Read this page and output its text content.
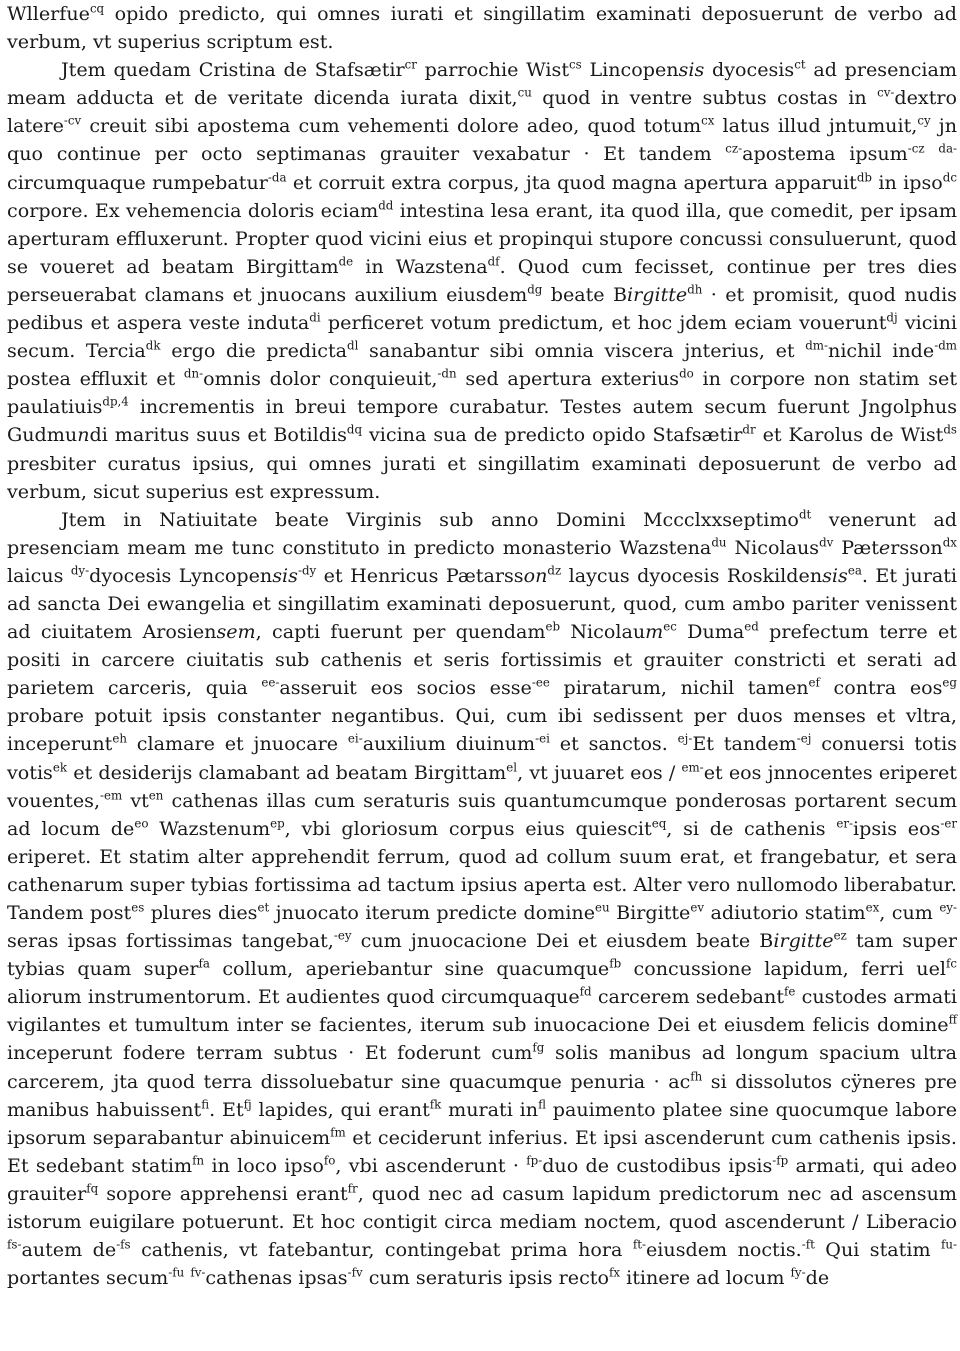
Wllerfue$^{cq}$ opido predicto, qui omnes iurati et singillatim examinati deposuerunt de verbo ad verbum, vt superius scriptum est.

Jtem quedam Cristina de Stafsætir$^{cr}$ parrochie Wist$^{cs}$ Lincopensis dyocesis$^{ct}$ ad presenciam meam adducta et de veritate dicenda iurata dixit,$^{cu}$ quod in ventre subtus costas in $^{cv-}$dextro latere$^{-cv}$ creuit sibi apostema cum vehementi dolore adeo, quod totum$^{cx}$ latus illud jntumuit,$^{cy}$ jn quo continue per octo septimanas grauiter vexabatur · Et tandem $^{cz-}$apostema ipsum$^{-cz}$ $^{da-}$circumquaque rumpebatur$^{-da}$ et corruit extra corpus, jta quod magna apertura apparuit$^{db}$ in ipso$^{dc}$ corpore. Ex vehemencia doloris eciam$^{dd}$ intestina lesa erant, ita quod illa, que comedit, per ipsam aperturam effluxerunt. Propter quod vicini eius et propinqui stupore concussi consuluerunt, quod se voueret ad beatam Birgittam$^{de}$ in Wazstena$^{df}$. Quod cum fecisset, continue per tres dies perseuerabat clamans et jnuocans auxilium eiusdem$^{dg}$ beate Birgitte$^{dh}$ · et promisit, quod nudis pedibus et aspera veste induta$^{di}$ perficeret votum predictum, et hoc jdem eciam vouerunt$^{dj}$ vicini secum. Tercia$^{dk}$ ergo die predicta$^{dl}$ sanabantur sibi omnia viscera jnterius, et $^{dm-}$nichil inde$^{-dm}$ postea effluxit et $^{dn-}$omnis dolor conquieuit,$^{-dn}$ sed apertura exterius$^{do}$ in corpore non statim set paulatiuis$^{dp,4}$ incrementis in breui tempore curabatur. Testes autem secum fuerunt Jngolphus Gudmundi maritus suus et Botildis$^{dq}$ vicina sua de predicto opido Stafsætir$^{dr}$ et Karolus de Wist$^{ds}$ presbiter curatus ipsius, qui omnes jurati et singillatim examinati deposuerunt de verbo ad verbum, sicut superius est expressum.

Jtem in Natiuitate beate Virginis sub anno Domini Mccclxxseptimo$^{dt}$ venerunt ad presenciam meam me tunc constituto in predicto monasterio Wazstena$^{du}$ Nicolaus$^{dv}$ Pætersson$^{dx}$ laicus $^{dy-}$dyocesis Lyncopensis$^{-dy}$ et Henricus Pætarsson$^{dz}$ laycus dyocesis Roskildensis$^{ea}$. Et jurati ad sancta Dei ewangelia et singillatim examinati deposuerunt, quod, cum ambo pariter venissent ad ciuitatem Arosiensem, capti fuerunt per quendam$^{eb}$ Nicolaum$^{ec}$ Duma$^{ed}$ prefectum terre et positi in carcere ciuitatis sub cathenis et seris fortissimis et grauiter constricti et serati ad parietem carceris, quia $^{ee-}$asseruit eos socios esse$^{-ee}$ piratarum, nichil tamen$^{ef}$ contra eos$^{eg}$ probare potuit ipsis constanter negantibus. Qui, cum ibi sedissent per duos menses et vltra, inceperunt$^{eh}$ clamare et jnuocare $^{ei-}$auxilium diuinum$^{-ei}$ et sanctos. $^{ej-}$Et tandem$^{-ej}$ conuersi totis votis$^{ek}$ et desiderijs clamabant ad beatam Birgittam$^{el}$, vt juuaret eos / $^{em-}$et eos jnnocentes eriperet vouentes,$^{-em}$ $vt^{en}$ cathenas illas cum seraturis suis quantumcumque ponderosas portarent secum ad locum $de^{eo}$ Wazstenum$^{ep}$, vbi gloriosum corpus eius quiescit$^{eq}$, si de cathenis $^{er-}$ipsis eos$^{-er}$ eriperet. Et statim alter apprehendit ferrum, quod ad collum suum erat, et frangebatur, et sera cathenarum super tybias fortissima ad tactum ipsius aperta est. Alter vero nullomodo liberabatur. Tandem post$^{es}$ plures dies$^{et}$ jnuocato iterum predicte domine$^{eu}$ Birgitte$^{ev}$ adiutorio statim$^{ex}$, cum $^{ey-}$seras ipsas fortissimas tangebat,$^{-ey}$ cum jnuocacione Dei et eiusdem beate Birgitte$^{ez}$ tam super tybias quam super$^{fa}$ collum, aperiebantur sine quacumque$^{fb}$ concussione lapidum, ferri uel$^{fc}$ aliorum instrumentorum. Et audientes quod circumquaque$^{fd}$ carcerem sedebant$^{fe}$ custodes armati vigilantes et tumultum inter se facientes, iterum sub inuocacione Dei et eiusdem felicis domine$^{ff}$ inceperunt fodere terram subtus · Et foderunt cum$^{fg}$ solis manibus ad longum spacium ultra carcerem, jta quod terra dissoluebatur sine quacumque penuria · $ac^{fh}$ si dissolutos cÿneres pre manibus habuissent$^{fi}$. $Et^{fj}$ lapides, qui erant$^{fk}$ murati $in^{fl}$ pauimento platee sine quocumque labore ipsorum separabantur abinuicem$^{fm}$ et ceciderunt inferius. Et ipsi ascenderunt cum cathenis ipsis. Et sedebant statim$^{fn}$ in loco ipso$^{fo}$, vbi ascenderunt · $^{fp-}$duo de custodibus ipsis$^{-fp}$ armati, qui adeo grauiter$^{fq}$ sopore apprehensi erant$^{fr}$, quod nec ad casum lapidum predictorum nec ad ascensum istorum euigilare potuerunt. Et hoc contigit circa mediam noctem, quod ascenderunt / Liberacio $^{fs-}$autem $de^{-fs}$ cathenis, vt fatebantur, contingebat prima hora $^{ft-}$eiusdem noctis.$^{-ft}$ Qui statim $^{fu-}$portantes secum$^{-fu}$ $^{fv-}$cathenas ipsas$^{-fv}$ cum seraturis ipsis recto$^{fx}$ itinere ad locum $^{fy-}$de
